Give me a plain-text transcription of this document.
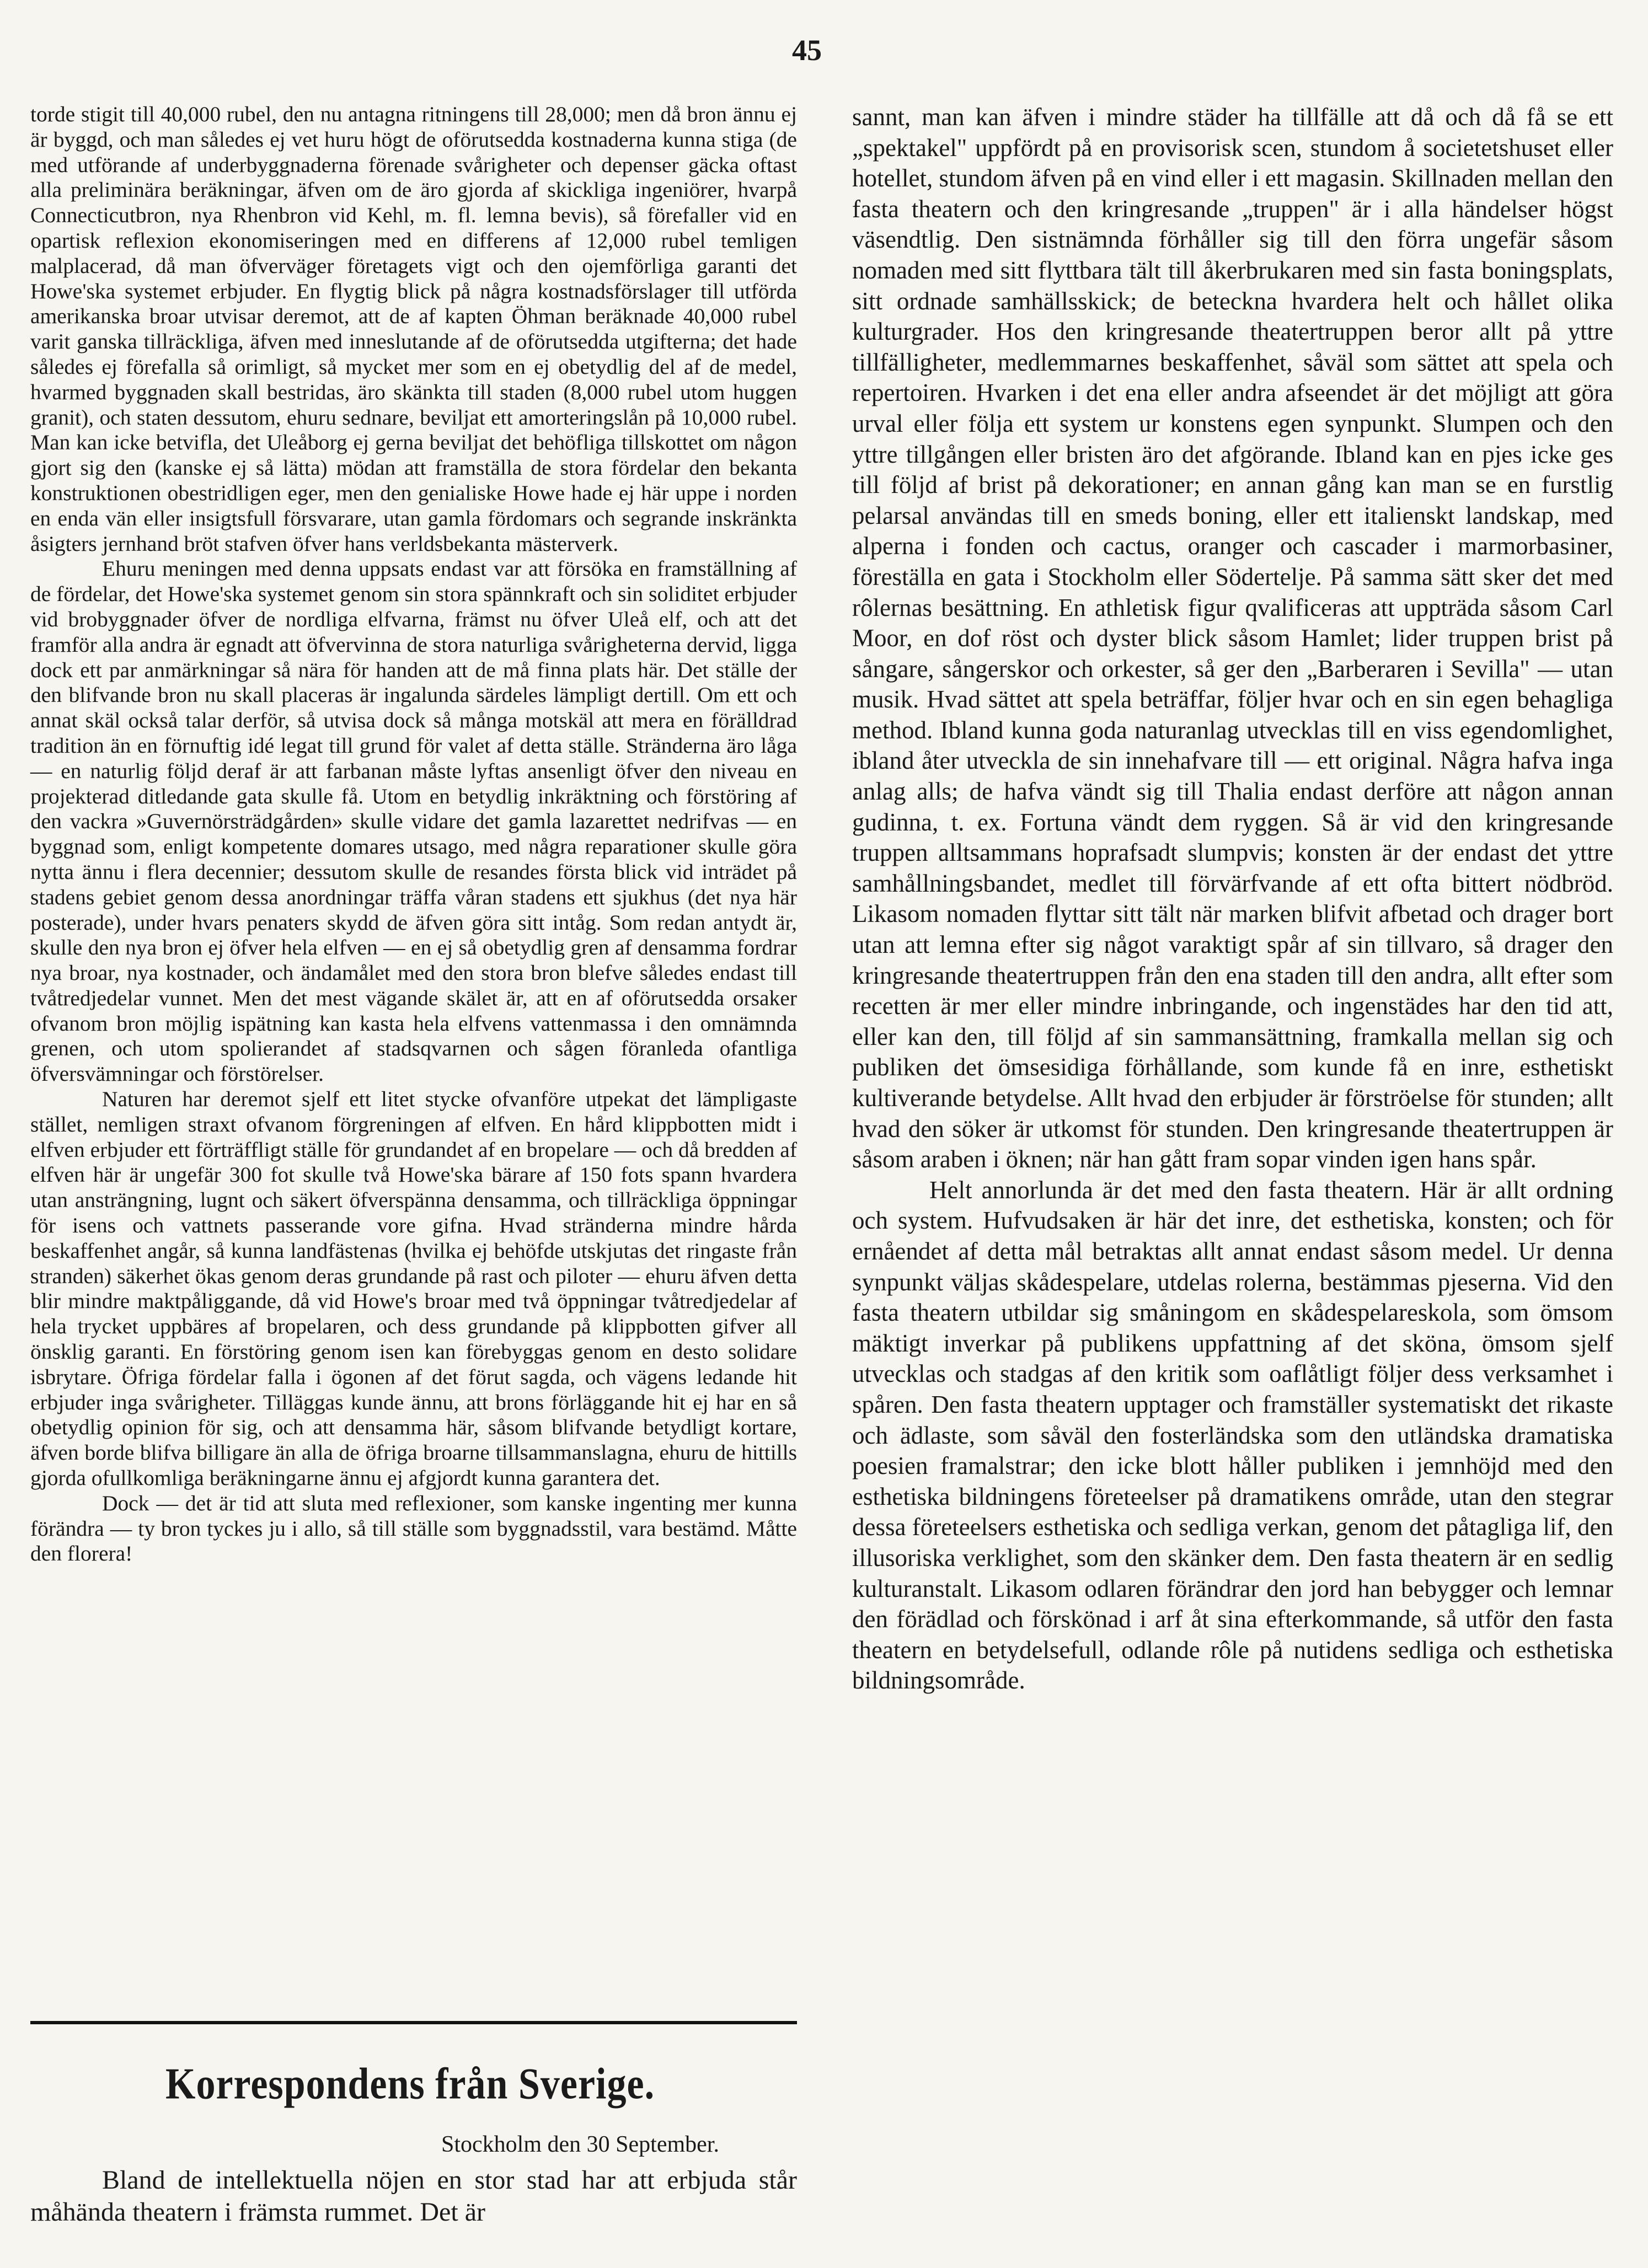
45

torde stigit till 40,000 rubel, den nu antagna ritningens till 28,000; men då bron ännu ej är byggd, och man således ej vet huru högt de oförutsedda kostnaderna kunna stiga (de med utförande af underbyggnaderna förenade svårigheter och depenser gäcka oftast alla preliminära beräkningar, äfven om de äro gjorda af skickliga ingeniörer, hvarpå Connecticutbron, nya Rhenbron vid Kehl, m. fl. lemna bevis), så förefaller vid en opartisk reflexion ekonomiseringen med en differens af 12,000 rubel temligen malplacerad, då man öfverväger företagets vigt och den ojemförliga garanti det Howe'ska systemet erbjuder. En flygtig blick på några kostnadsförslager till utförda amerikanska broar utvisar deremot, att de af kapten Öhman beräknade 40,000 rubel varit ganska tillräckliga, äfven med inneslutande af de oförutsedda utgifterna; det hade således ej förefalla så orimligt, så mycket mer som en ej obetydlig del af de medel, hvarmed byggnaden skall bestridas, äro skänkta till staden (8,000 rubel utom huggen granit), och staten dessutom, ehuru sednare, beviljat ett amorteringslån på 10,000 rubel. Man kan icke betvifla, det Uleåborg ej gerna beviljat det behöfliga tillskottet om någon gjort sig den (kanske ej så lätta) mödan att framställa de stora fördelar den bekanta konstruktionen obestridligen eger, men den genialiske Howe hade ej här uppe i norden en enda vän eller insigtsfull försvarare, utan gamla fördomars och segrande inskränkta åsigters jernhand bröt stafven öfver hans verldsbekanta mästerverk.

Ehuru meningen med denna uppsats endast var att försöka en framställning af de fördelar, det Howe'ska systemet genom sin stora spännkraft och sin soliditet erbjuder vid brobyggnader öfver de nordliga elfvarna, främst nu öfver Uleå elf, och att det framför alla andra är egnadt att öfvervinna de stora naturliga svårigheterna dervid, ligga dock ett par anmärkningar så nära för handen att de må finna plats här. Det ställe der den blifvande bron nu skall placeras är ingalunda särdeles lämpligt dertill. Om ett och annat skäl också talar derför, så utvisa dock så många motskäl att mera en förälldrad tradition än en förnuftig idé legat till grund för valet af detta ställe. Stränderna äro låga — en naturlig följd deraf är att farbanan måste lyftas ansenligt öfver den niveau en projekterad ditledande gata skulle få. Utom en betydlig inkräktning och förstöring af den vackra »Guvernörsträdgården» skulle vidare det gamla lazarettet nedrifvas — en byggnad som, enligt kompetente domares utsago, med några reparationer skulle göra nytta ännu i flera decennier; dessutom skulle de resandes första blick vid inträdet på stadens gebiet genom dessa anordningar träffa våran stadens ett sjukhus (det nya här posterade), under hvars penaters skydd de äfven göra sitt intåg. Som redan antydt är, skulle den nya bron ej öfver hela elfven — en ej så obetydlig gren af densamma fordrar nya broar, nya kostnader, och ändamålet med den stora bron blefve således endast till tvåtredjedelar vunnet. Men det mest vägande skälet är, att en af oförutsedda orsaker ofvanom bron möjlig ispätning kan kasta hela elfvens vattenmassa i den omnämnda grenen, och utom spolierandet af stadsqvarnen och sågen föranleda ofantliga öfversvämningar och förstörelser.

Naturen har deremot sjelf ett litet stycke ofvanföre utpekat det lämpligaste stället, nemligen straxt ofvanom förgreningen af elfven. En hård klippbotten midt i elfven erbjuder ett förträffligt ställe för grundandet af en bropelare — och då bredden af elfven här är ungefär 300 fot skulle två Howe'ska bärare af 150 fots spann hvardera utan ansträngning, lugnt och säkert öfverspänna densamma, och tillräckliga öppningar för isens och vattnets passerande vore gifna. Hvad stränderna mindre hårda beskaffenhet angår, så kunna landfästenas (hvilka ej behöfde utskjutas det ringaste från stranden) säkerhet ökas genom deras grundande på rast och piloter — ehuru äfven detta blir mindre maktpåliggande, då vid Howe's broar med två öppningar tvåtredjedelar af hela trycket uppbäres af bropelaren, och dess grundande på klippbotten gifver all önsklig garanti. En förstöring genom isen kan förebyggas genom en desto solidare isbrytare. Öfriga fördelar falla i ögonen af det förut sagda, och vägens ledande hit erbjuder inga svårigheter. Tilläggas kunde ännu, att brons förläggande hit ej har en så obetydlig opinion för sig, och att densamma här, såsom blifvande betydligt kortare, äfven borde blifva billigare än alla de öfriga broarne tillsammanslagna, ehuru de hittills gjorda ofullkomliga beräkningarne ännu ej afgjordt kunna garantera det.

Dock — det är tid att sluta med reflexioner, som kanske ingenting mer kunna förändra — ty bron tyckes ju i allo, så till ställe som byggnadsstil, vara bestämd. Måtte den florera!

Korrespondens från Sverige.
Stockholm den 30 September.

Bland de intellektuella nöjen en stor stad har att erbjuda står måhända theatern i främsta rummet. Det är

sannt, man kan äfven i mindre städer ha tillfälle att då och då få se ett „spektakel" uppfördt på en provisorisk scen, stundom å societetshuset eller hotellet, stundom äfven på en vind eller i ett magasin. Skillnaden mellan den fasta theatern och den kringresande „truppen" är i alla händelser högst väsendtlig. Den sistnämnda förhåller sig till den förra ungefär såsom nomaden med sitt flyttbara tält till åkerbrukaren med sin fasta boningsplats, sitt ordnade samhällsskick; de beteckna hvardera helt och hållet olika kulturgrader. Hos den kringresande theatertruppen beror allt på yttre tillfälligheter, medlemmarnes beskaffenhet, såväl som sättet att spela och repertoiren. Hvarken i det ena eller andra afseendet är det möjligt att göra urval eller följa ett system ur konstens egen synpunkt. Slumpen och den yttre tillgången eller bristen äro det afgörande. Ibland kan en pjes icke ges till följd af brist på dekorationer; en annan gång kan man se en furstlig pelarsal användas till en smeds boning, eller ett italienskt landskap, med alperna i fonden och cactus, oranger och cascader i marmorbasiner, föreställa en gata i Stockholm eller Södertelje. På samma sätt sker det med rôlernas besättning. En athletisk figur qvalificeras att uppträda såsom Carl Moor, en dof röst och dyster blick såsom Hamlet; lider truppen brist på sångare, sångerskor och orkester, så ger den „Barberaren i Sevilla" — utan musik. Hvad sättet att spela beträffar, följer hvar och en sin egen behagliga method. Ibland kunna goda naturanlag utvecklas till en viss egendomlighet, ibland åter utveckla de sin innehafvare till — ett original. Några hafva inga anlag alls; de hafva vändt sig till Thalia endast derföre att någon annan gudinna, t. ex. Fortuna vändt dem ryggen. Så är vid den kringresande truppen alltsammans hoprafsadt slumpvis; konsten är der endast det yttre samhållningsbandet, medlet till förvärfvande af ett ofta bittert nödbröd. Likasom nomaden flyttar sitt tält när marken blifvit afbetad och drager bort utan att lemna efter sig något varaktigt spår af sin tillvaro, så drager den kringresande theatertruppen från den ena staden till den andra, allt efter som recetten är mer eller mindre inbringande, och ingenstädes har den tid att, eller kan den, till följd af sin sammansättning, framkalla mellan sig och publiken det ömsesidiga förhållande, som kunde få en inre, esthetiskt kultiverande betydelse. Allt hvad den erbjuder är förströelse för stunden; allt hvad den söker är utkomst för stunden. Den kringresande theatertruppen är såsom araben i öknen; när han gått fram sopar vinden igen hans spår.

Helt annorlunda är det med den fasta theatern. Här är allt ordning och system. Hufvudsaken är här det inre, det esthetiska, konsten; och för ernåendet af detta mål betraktas allt annat endast såsom medel. Ur denna synpunkt väljas skådespelare, utdelas rolerna, bestämmas pjeserna. Vid den fasta theatern utbildar sig småningom en skådespelareskola, som ömsom mäktigt inverkar på publikens uppfattning af det sköna, ömsom sjelf utvecklas och stadgas af den kritik som oaflåtligt följer dess verksamhet i spåren. Den fasta theatern upptager och framställer systematiskt det rikaste och ädlaste, som såväl den fosterländska som den utländska dramatiska poesien framalstrar; den icke blott håller publiken i jemnhöjd med den esthetiska bildningens företeelser på dramatikens område, utan den stegrar dessa företeelsers esthetiska och sedliga verkan, genom det påtagliga lif, den illusoriska verklighet, som den skänker dem. Den fasta theatern är en sedlig kulturanstalt. Likasom odlaren förändrar den jord han bebygger och lemnar den förädlad och förskönad i arf åt sina efterkommande, så utför den fasta theatern en betydelsefull, odlande rôle på nutidens sedliga och esthetiska bildningsområde.
